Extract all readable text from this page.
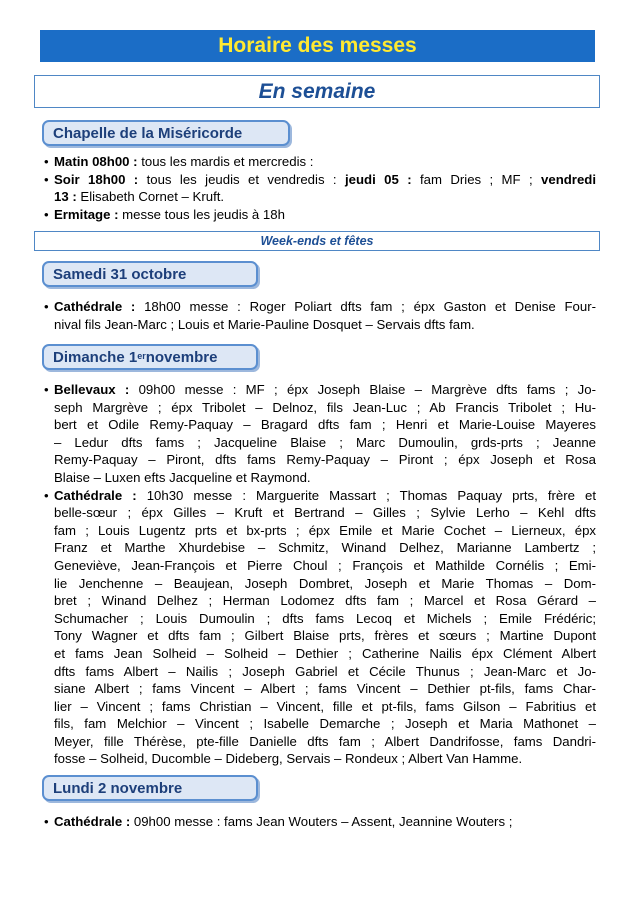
Horaire des messes
En semaine
Chapelle de la Miséricorde
• Matin 08h00 : tous les mardis et mercredis :
• Soir 18h00 : tous les jeudis et vendredis : jeudi 05 : fam Dries ; MF ; vendredi
13 : Elisabeth Cornet – Kruft.
• Ermitage : messe tous les jeudis à 18h
Week-ends et fêtes
Samedi 31 octobre
• Cathédrale : 18h00 messe : Roger Poliart dfts fam ; épx Gaston et Denise Four-
nival fils Jean-Marc ; Louis et Marie-Pauline Dosquet – Servais dfts fam.
Dimanche 1er novembre
• Bellevaux : 09h00 messe : MF ; épx Joseph Blaise – Margrève dfts fams ; Jo-
seph Margrève ; épx Tribolet – Delnoz, fils Jean-Luc ; Ab Francis Tribolet ; Hu-
bert et Odile Remy-Paquay – Bragard dfts fam ; Henri et Marie-Louise Mayeres
– Ledur dfts fams ; Jacqueline Blaise ; Marc Dumoulin, grds-prts ; Jeanne
Remy-Paquay – Piront, dfts fams Remy-Paquay – Piront ; épx Joseph et Rosa
Blaise – Luxen efts Jacqueline et Raymond.
• Cathédrale : 10h30 messe : Marguerite Massart ; Thomas Paquay prts, frère et
belle-sœur ; épx Gilles – Kruft et Bertrand – Gilles ; Sylvie Lerho – Kehl dfts
fam ; Louis Lugentz prts et bx-prts ; épx Emile et Marie Cochet – Lierneux, épx
Franz et Marthe Xhurdebise – Schmitz, Winand Delhez, Marianne Lambertz ;
Geneviève, Jean-François et Pierre Choul ; François et Mathilde Cornélis ; Emi-
lie Jenchenne – Beaujean, Joseph Dombret, Joseph et Marie Thomas – Dom-
bret ; Winand Delhez ; Herman Lodomez dfts fam ; Marcel et Rosa Gérard –
Schumacher ; Louis Dumoulin ; dfts fams Lecoq et Michels ; Emile Frédéric;
Tony Wagner et dfts fam ; Gilbert Blaise prts, frères et sœurs ; Martine Dupont
et fams Jean Solheid – Solheid – Dethier ; Catherine Nailis épx Clément Albert
dfts fams Albert – Nailis ; Joseph Gabriel et Cécile Thunus ; Jean-Marc et Jo-
siane Albert ; fams Vincent – Albert ; fams Vincent – Dethier pt-fils, fams Char-
lier – Vincent ; fams Christian – Vincent, fille et pt-fils, fams Gilson – Fabritius et
fils, fam Melchior – Vincent ; Isabelle Demarche ; Joseph et Maria Mathonet –
Meyer, fille Thérèse, pte-fille Danielle dfts fam ; Albert Dandrifosse, fams Dandri-
fosse – Solheid, Ducomble – Dideberg, Servais – Rondeux ; Albert Van Hamme.
Lundi 2 novembre
• Cathédrale : 09h00 messe : fams Jean Wouters – Assent, Jeannine Wouters ;
